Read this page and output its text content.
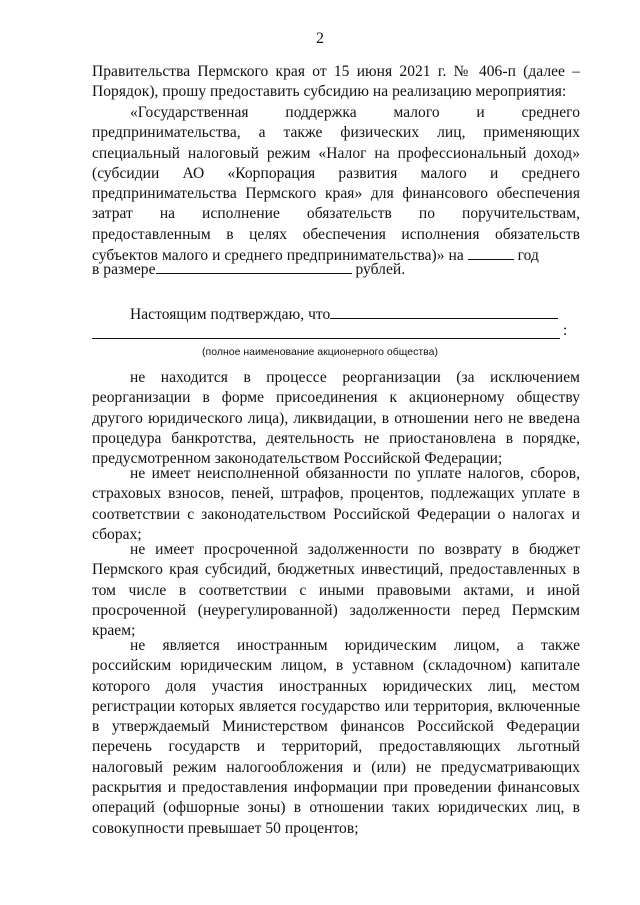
2
Правительства Пермского края от 15 июня 2021 г. № 406-п (далее – Порядок), прошу предоставить субсидию на реализацию мероприятия:
«Государственная поддержка малого и среднего предпринимательства, а также физических лиц, применяющих специальный налоговый режим «Налог на профессиональный доход» (субсидии АО «Корпорация развития малого и среднего предпринимательства Пермского края» для финансового обеспечения затрат на исполнение обязательств по поручительствам, предоставленным в целях обеспечения исполнения обязательств субъектов малого и среднего предпринимательства)» на	год
в размере	рублей.
Настоящим подтверждаю, что
:
(полное наименование акционерного общества)
не находится в процессе реорганизации (за исключением реорганизации в форме присоединения к акционерному обществу другого юридического лица), ликвидации, в отношении него не введена процедура банкротства, деятельность не приостановлена в порядке, предусмотренном законодательством Российской Федерации;
не имеет неисполненной обязанности по уплате налогов, сборов, страховых взносов, пеней, штрафов, процентов, подлежащих уплате в соответствии с законодательством Российской Федерации о налогах и сборах;
не имеет просроченной задолженности по возврату в бюджет Пермского края субсидий, бюджетных инвестиций, предоставленных в том числе в соответствии с иными правовыми актами, и иной просроченной (неурегулированной) задолженности перед Пермским краем;
не является иностранным юридическим лицом, а также российским юридическим лицом, в уставном (складочном) капитале которого доля участия иностранных юридических лиц, местом регистрации которых является государство или территория, включенные в утверждаемый Министерством финансов Российской Федерации перечень государств и территорий, предоставляющих льготный налоговый режим налогообложения и (или) не предусматривающих раскрытия и предоставления информации при проведении финансовых операций (офшорные зоны) в отношении таких юридических лиц, в совокупности превышает 50 процентов;
